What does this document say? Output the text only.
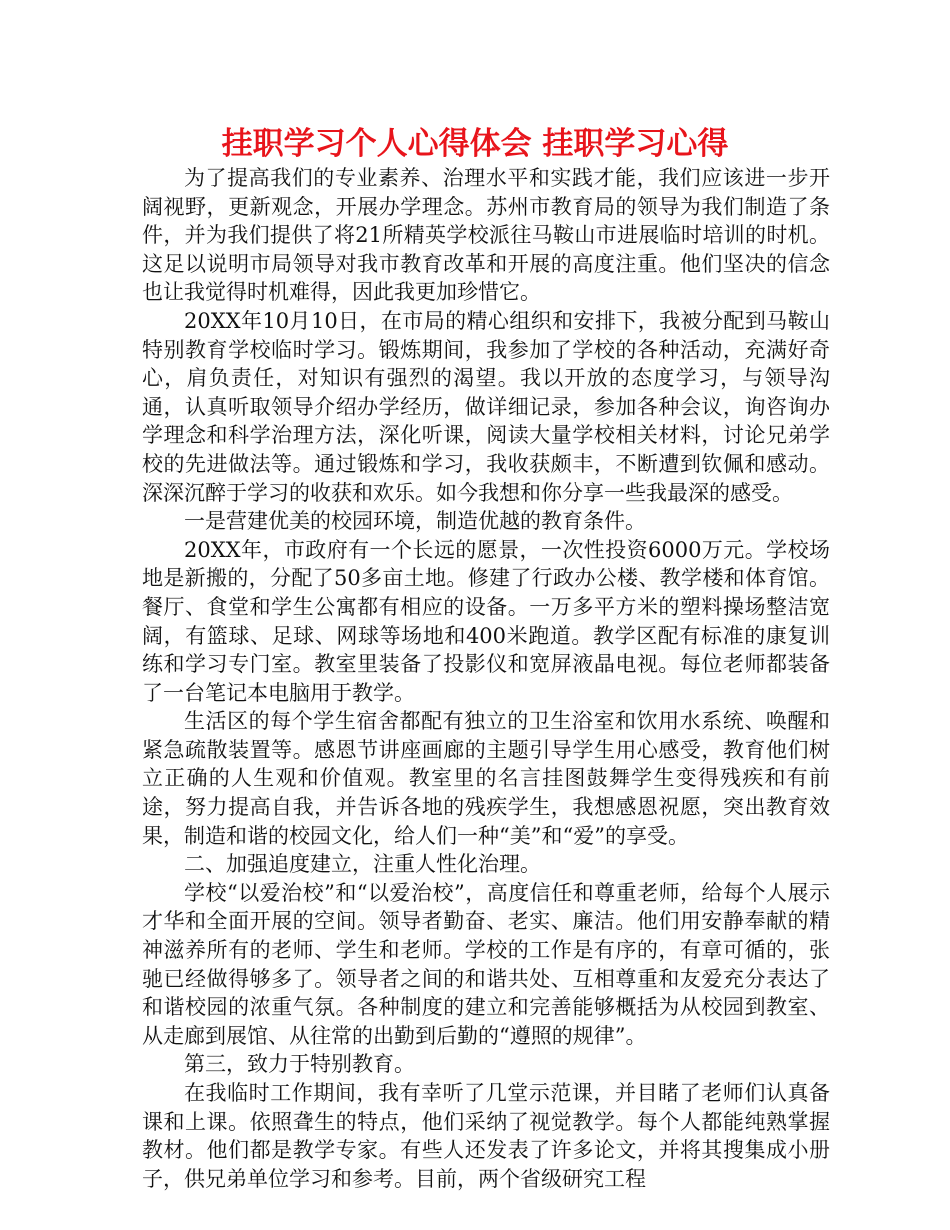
挂职学习个人心得体会 挂职学习心得

为了提高我们的专业素养、治理水平和实践才能，我们应该进一步开阔视野，更新观念，开展办学理念。苏州市教育局的领导为我们制造了条件，并为我们提供了将21所精英学校派往马鞍山市进展临时培训的时机。这足以说明市局领导对我市教育改革和开展的高度注重。他们坚决的信念也让我觉得时机难得，因此我更加珍惜它。

20XX年10月10日，在市局的精心组织和安排下，我被分配到马鞍山特别教育学校临时学习。锻炼期间，我参加了学校的各种活动，充满好奇心，肩负责任，对知识有强烈的渴望。我以开放的态度学习，与领导沟通，认真听取领导介绍办学经历，做详细记录，参加各种会议，询咨询办学理念和科学治理方法，深化听课，阅读大量学校相关材料，讨论兄弟学校的先进做法等。通过锻炼和学习，我收获颇丰，不断遭到钦佩和感动。深深沉醉于学习的收获和欢乐。如今我想和你分享一些我最深的感受。

一是营建优美的校园环境，制造优越的教育条件。

20XX年，市政府有一个长远的愿景，一次性投资6000万元。学校场地是新搬的，分配了50多亩土地。修建了行政办公楼、教学楼和体育馆。餐厅、食堂和学生公寓都有相应的设备。一万多平方米的塑料操场整洁宽阔，有篮球、足球、网球等场地和400米跑道。教学区配有标准的康复训练和学习专门室。教室里装备了投影仪和宽屏液晶电视。每位老师都装备了一台笔记本电脑用于教学。

生活区的每个学生宿舍都配有独立的卫生浴室和饮用水系统、唤醒和紧急疏散装置等。感恩节讲座画廊的主题引导学生用心感受，教育他们树立正确的人生观和价值观。教室里的名言挂图鼓舞学生变得残疾和有前途，努力提高自我，并告诉各地的残疾学生，我想感恩祝愿，突出教育效果，制造和谐的校园文化，给人们一种“美”和“爱”的享受。

二、加强追度建立，注重人性化治理。

学校“以爱治校”和“以爱治校”，高度信任和尊重老师，给每个人展示才华和全面开展的空间。领导者勤奋、老实、廉洁。他们用安静奉献的精神滋养所有的老师、学生和老师。学校的工作是有序的，有章可循的，张驰已经做得够多了。领导者之间的和谐共处、互相尊重和友爱充分表达了和谐校园的浓重气氛。各种制度的建立和完善能够概括为从校园到教室、从走廊到展馆、从往常的出勤到后勤的“遵照的规律”。

第三，致力于特别教育。

在我临时工作期间，我有幸听了几堂示范课，并目睹了老师们认真备课和上课。依照聋生的特点，他们采纳了视觉教学。每个人都能纯熟掌握教材。他们都是教学专家。有些人还发表了许多论文，并将其搜集成小册子，供兄弟单位学习和参考。目前，两个省级研究工程
